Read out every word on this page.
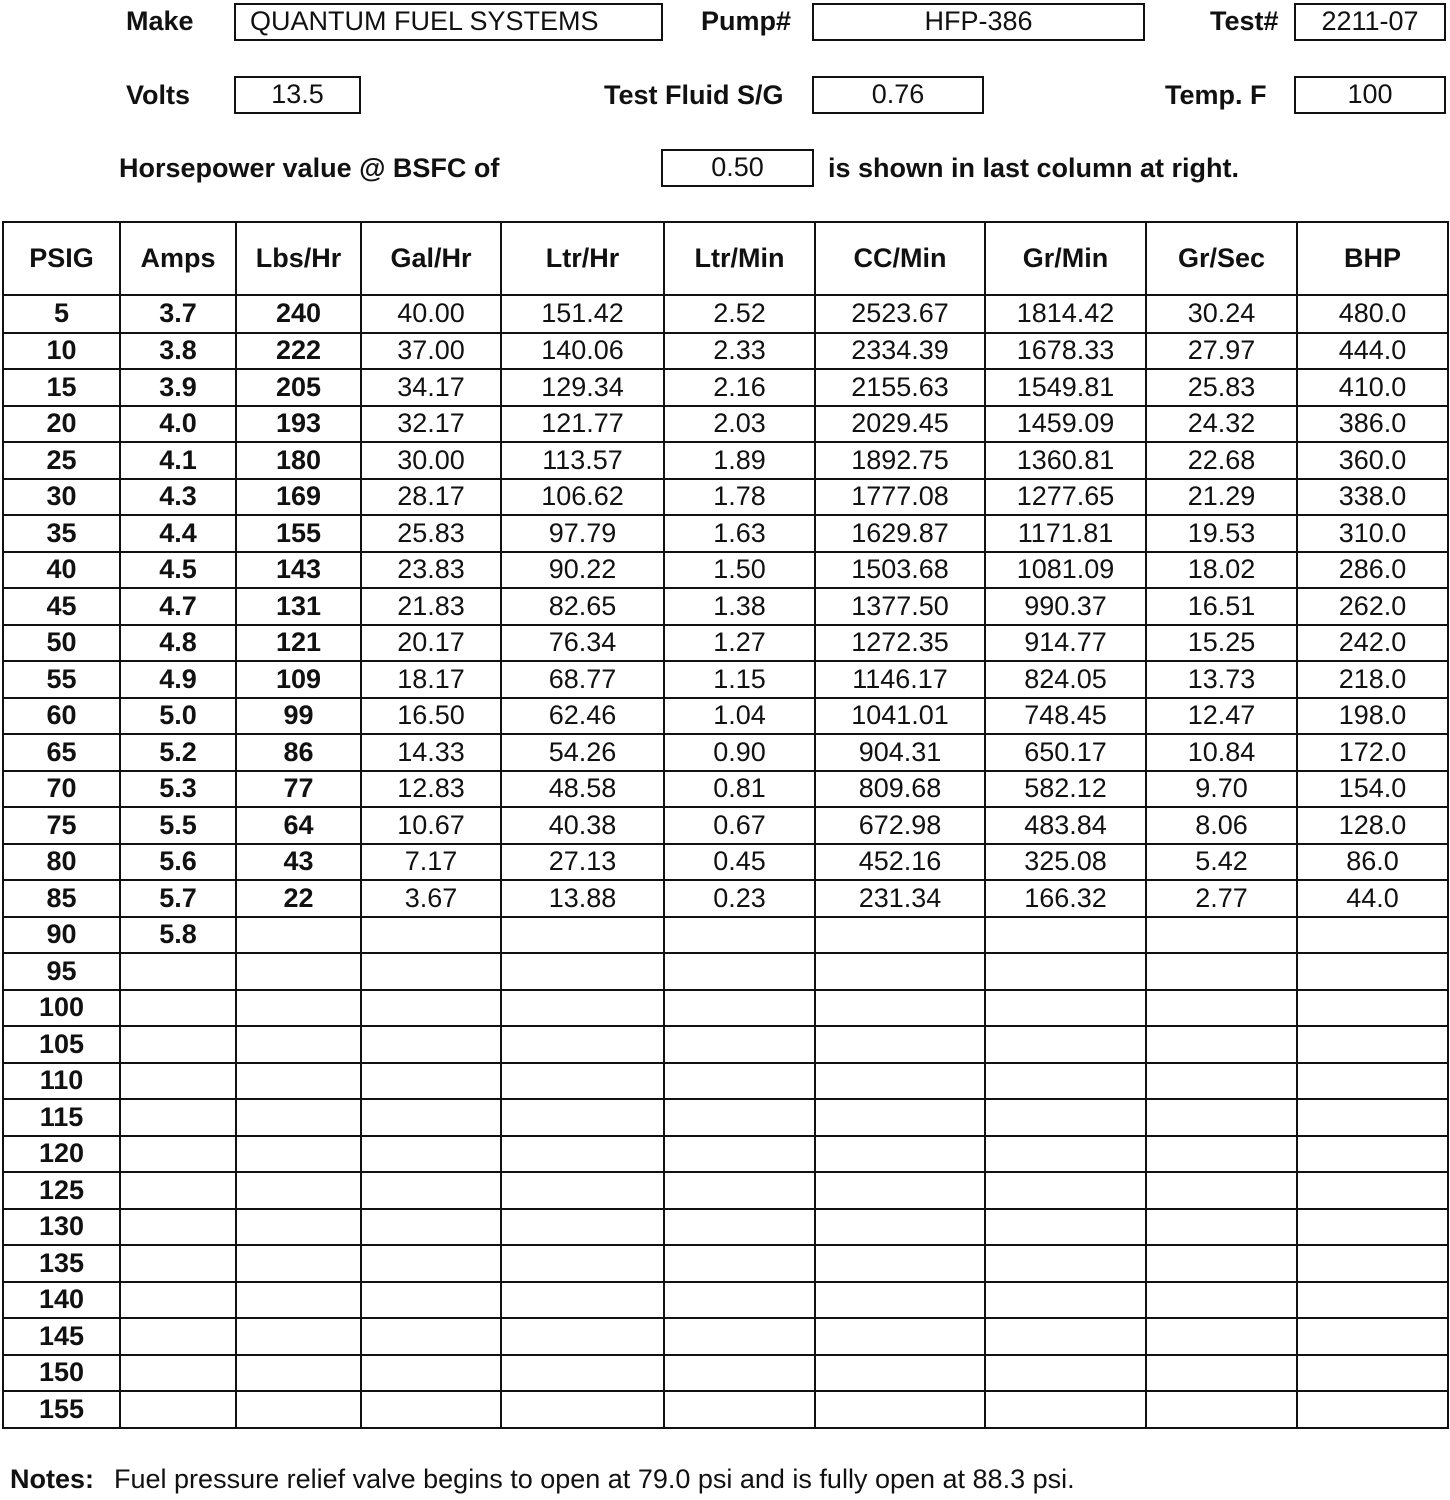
Make	QUANTUM FUEL SYSTEMS	Pump#	HFP-386	Test#	2211-07
Volts	13.5	Test Fluid S/G	0.76	Temp. F	100
Horsepower value @ BSFC of	0.50	is shown in last column at right.
PSIG	Amps	Lbs/Hr	Gal/Hr	Ltr/Hr	Ltr/Min	CC/Min	Gr/Min	Gr/Sec	BHP
5	3.7	240	40.00	151.42	2.52	2523.67	1814.42	30.24	480.0
10	3.8	222	37.00	140.06	2.33	2334.39	1678.33	27.97	444.0
15	3.9	205	34.17	129.34	2.16	2155.63	1549.81	25.83	410.0
20	4.0	193	32.17	121.77	2.03	2029.45	1459.09	24.32	386.0
25	4.1	180	30.00	113.57	1.89	1892.75	1360.81	22.68	360.0
30	4.3	169	28.17	106.62	1.78	1777.08	1277.65	21.29	338.0
35	4.4	155	25.83	97.79	1.63	1629.87	1171.81	19.53	310.0
40	4.5	143	23.83	90.22	1.50	1503.68	1081.09	18.02	286.0
45	4.7	131	21.83	82.65	1.38	1377.50	990.37	16.51	262.0
50	4.8	121	20.17	76.34	1.27	1272.35	914.77	15.25	242.0
55	4.9	109	18.17	68.77	1.15	1146.17	824.05	13.73	218.0
60	5.0	99	16.50	62.46	1.04	1041.01	748.45	12.47	198.0
65	5.2	86	14.33	54.26	0.90	904.31	650.17	10.84	172.0
70	5.3	77	12.83	48.58	0.81	809.68	582.12	9.70	154.0
75	5.5	64	10.67	40.38	0.67	672.98	483.84	8.06	128.0
80	5.6	43	7.17	27.13	0.45	452.16	325.08	5.42	86.0
85	5.7	22	3.67	13.88	0.23	231.34	166.32	2.77	44.0
90	5.8								
95									
100									
105									
110									
115									
120									
125									
130									
135									
140									
145									
150									
155									
Notes: Fuel pressure relief valve begins to open at 79.0 psi and is fully open at 88.3 psi.
